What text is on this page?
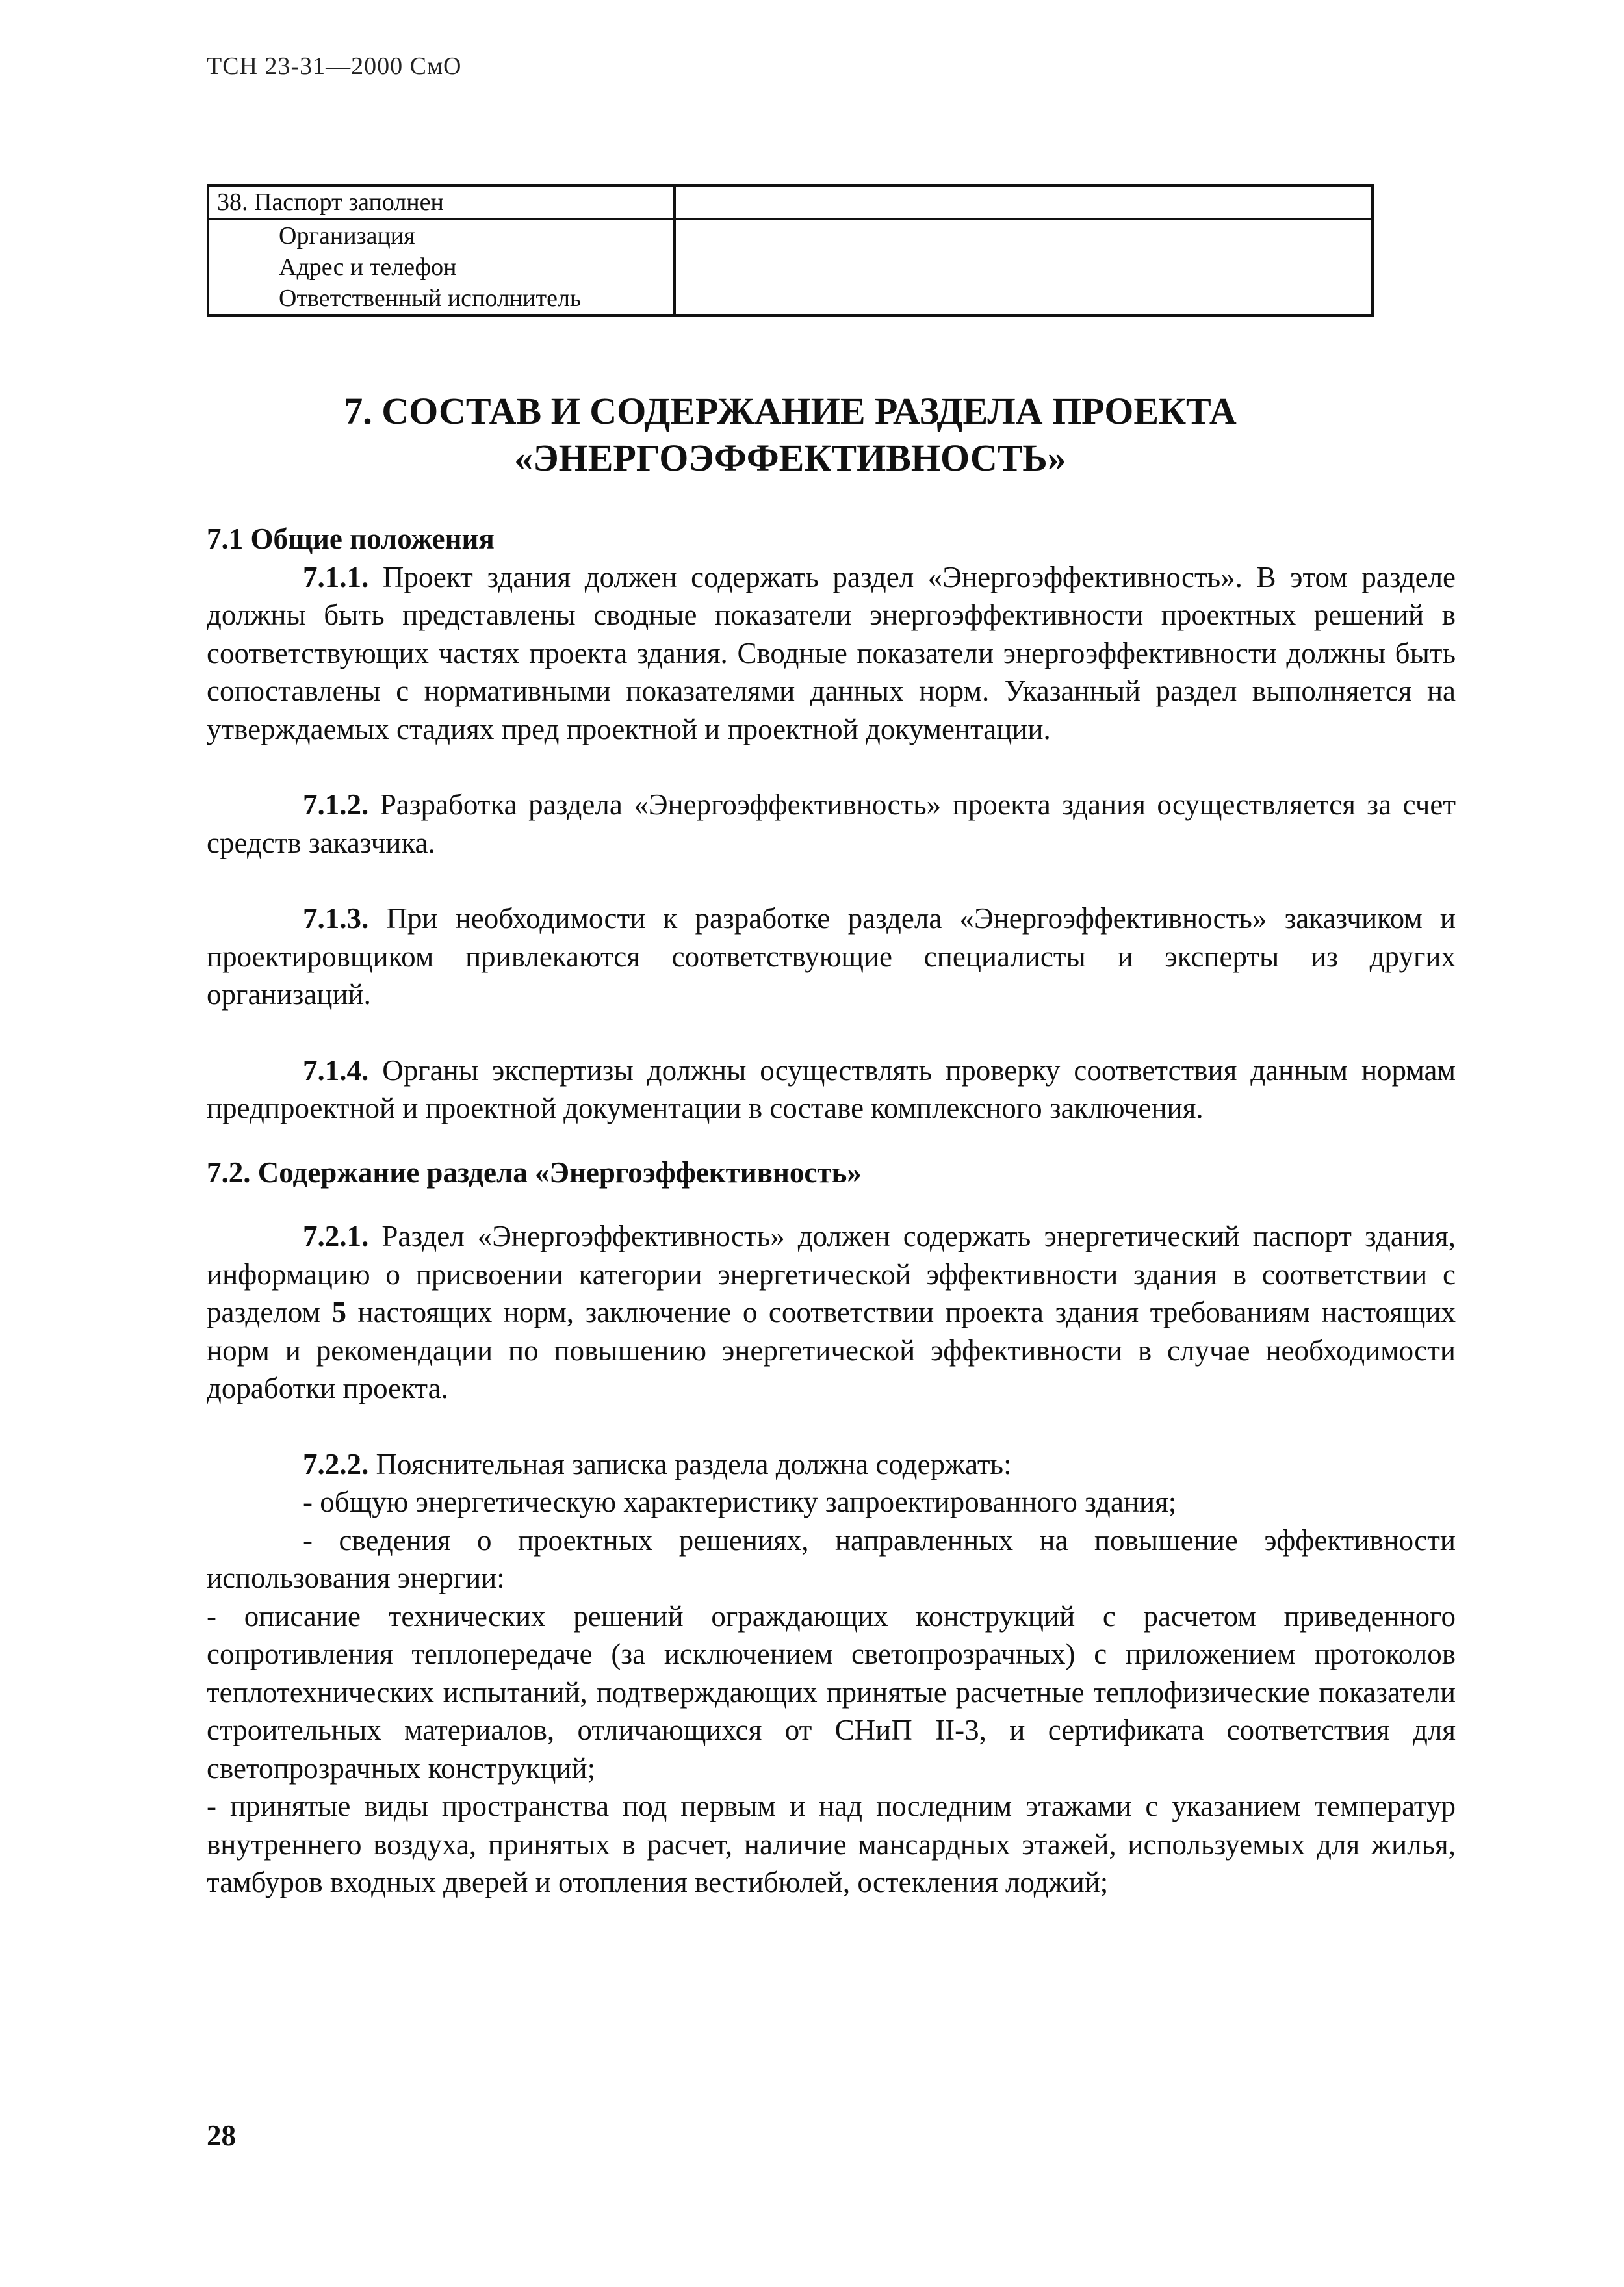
ТСН 23-31—2000 СмО
38. Паспорт заполнен	

Организация
Адрес и телефон
Ответственный исполнитель	

7. СОСТАВ И СОДЕРЖАНИЕ РАЗДЕЛА ПРОЕКТА
«ЭНЕРГОЭФФЕКТИВНОСТЬ»

7.1 Общие положения

7.1.1. Проект здания должен содержать раздел «Энергоэффективность». В этом разделе должны быть представлены сводные показатели энергоэффективности проектных решений в соответствующих частях проекта здания. Сводные показатели энергоэффективности должны быть сопоставлены с нормативными показателями данных норм. Указанный раздел выполняется на утверждаемых стадиях пред проектной и проектной документации.

7.1.2. Разработка раздела «Энергоэффективность» проекта здания осуществляется за счет средств заказчика.

7.1.3. При необходимости к разработке раздела «Энергоэффективность» заказчиком и проектировщиком привлекаются соответствующие специалисты и эксперты из других организаций.

7.1.4. Органы экспертизы должны осуществлять проверку соответствия данным нормам предпроектной и проектной документации в составе комплексного заключения.

7.2. Содержание раздела «Энергоэффективность»

7.2.1. Раздел «Энергоэффективность» должен содержать энергетический паспорт здания, информацию о присвоении категории энергетической эффективности здания в соответствии с разделом 5 настоящих норм, заключение о соответствии проекта здания требованиям настоящих норм и рекомендации по повышению энергетической эффективности в случае необходимости доработки проекта.

7.2.2. Пояснительная записка раздела должна содержать:

- общую энергетическую характеристику запроектированного здания;

- сведения о проектных решениях, направленных на повышение эффективности использования энергии:

- описание технических решений ограждающих конструкций с расчетом приведенного сопротивления теплопередаче (за исключением светопрозрачных) с приложением протоколов теплотехнических испытаний, подтверждающих принятые расчетные теплофизические показатели строительных материалов, отличающихся от СНиП II-3, и сертификата соответствия для светопрозрачных конструкций;

- принятые виды пространства под первым и над последним этажами с указанием температур внутреннего воздуха, принятых в расчет, наличие мансардных этажей, используемых для жилья, тамбуров входных дверей и отопления вестибюлей, остекления лоджий;

28
